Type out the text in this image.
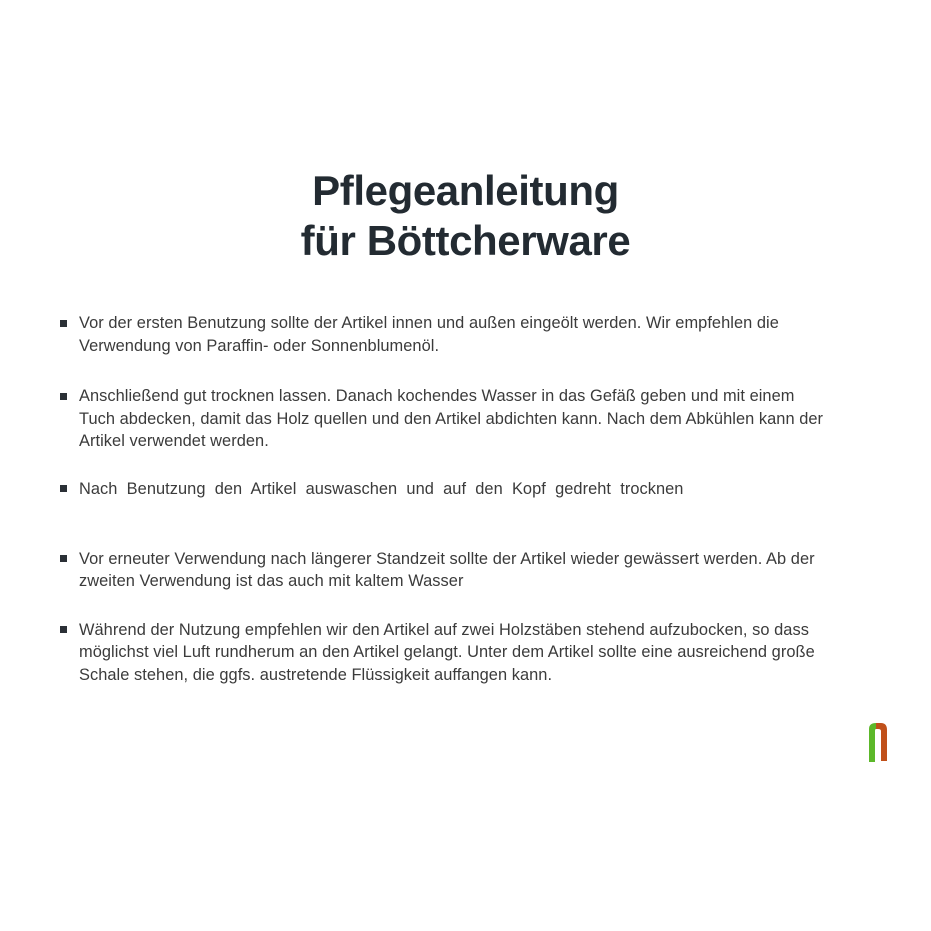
Pflegeanleitung
für Böttcherware
Vor der ersten Benutzung sollte der Artikel innen und außen eingeölt werden. Wir empfehlen die Verwendung von Paraffin- oder Sonnenblumenöl.
Anschließend gut trocknen lassen. Danach kochendes Wasser in das Gefäß geben und mit einem Tuch abdecken, damit das Holz quellen und den Artikel abdichten kann. Nach dem Abkühlen kann der Artikel verwendet werden.
Nach Benutzung den Artikel auswaschen und auf den Kopf gedreht trocknen
Vor erneuter Verwendung nach längerer Standzeit sollte der Artikel wieder gewässert werden. Ab der zweiten Verwendung ist das auch mit kaltem Wasser
Während der Nutzung empfehlen wir den Artikel auf zwei Holzstäben stehend aufzubocken, so dass möglichst viel Luft rundherum an den Artikel gelangt. Unter dem Artikel sollte eine ausreichend große Schale stehen, die ggfs. austretende Flüssigkeit auffangen kann.
